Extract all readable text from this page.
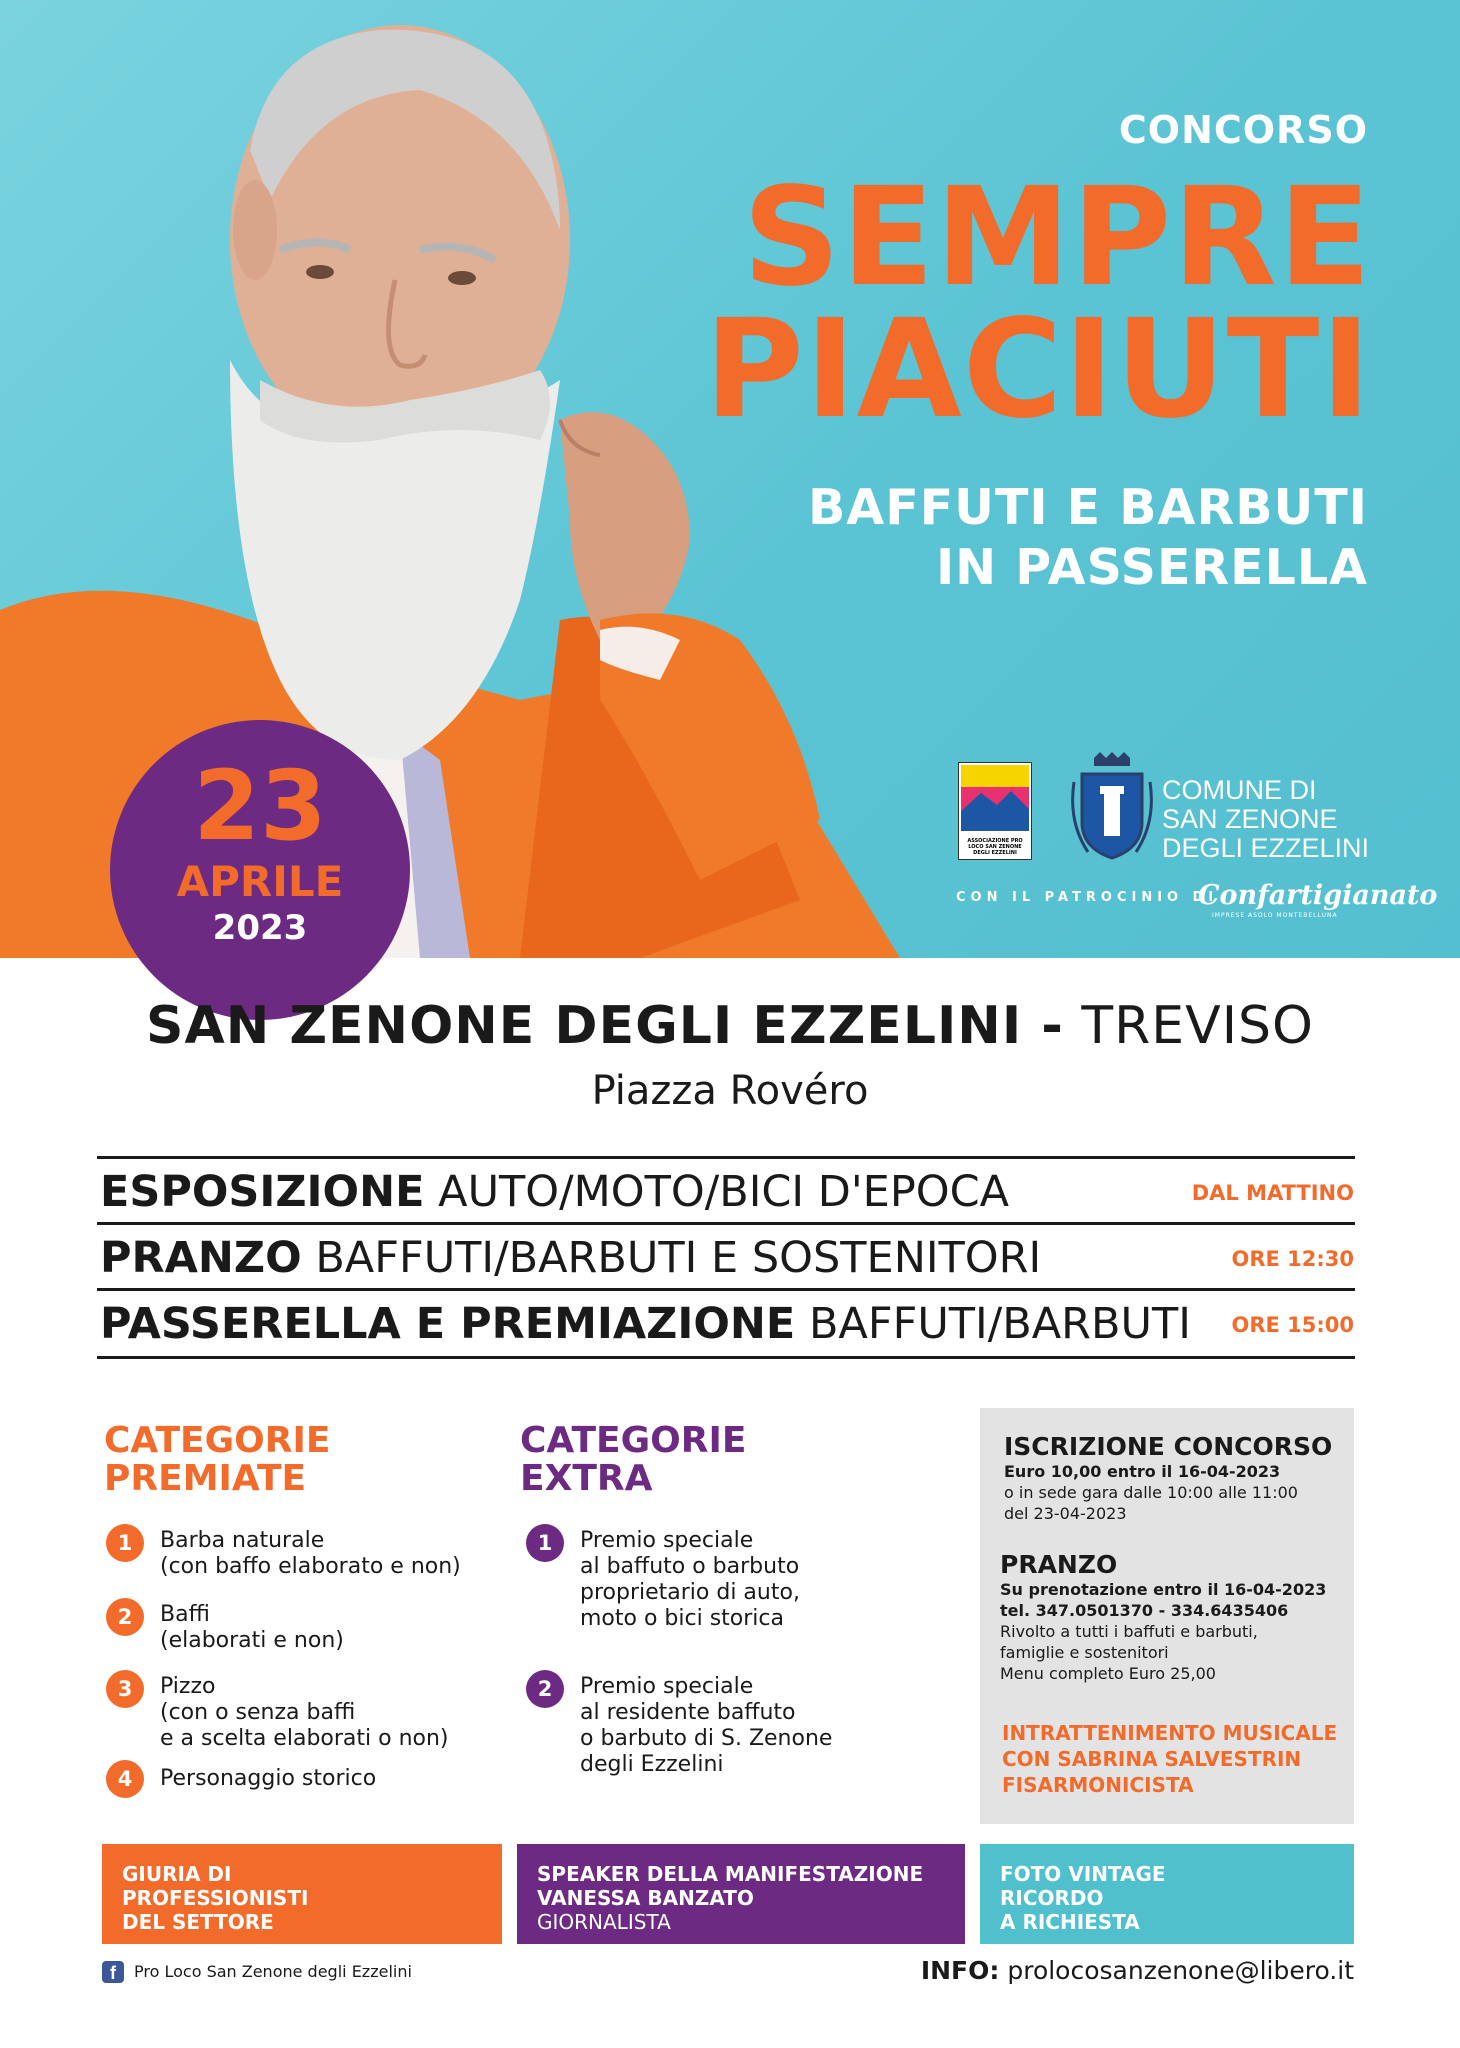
CONCORSO
SEMPRE
PIACIUTI
BAFFUTI E BARBUTI
IN PASSERELLA
ASSOCIAZIONE PRO LOCO SAN ZENONE DEGLI EZZELINI
COMUNE DI
SAN ZENONE
DEGLI EZZELINI
CON IL PATROCINIO DI
Confartigianato
IMPRESE ASOLO MONTEBELLUNA
23
APRILE
2023
SAN ZENONE DEGLI EZZELINI - TREVISO
Piazza Rovéro
ESPOSIZIONE AUTO/MOTO/BICI D'EPOCA	DAL MATTINO
PRANZO BAFFUTI/BARBUTI E SOSTENITORI	ORE 12:30
PASSERELLA E PREMIAZIONE BAFFUTI/BARBUTI ORE 15:00
CATEGORIE
PREMIATE
1	Barba naturale
(con baffo elaborato e non)
2	Baffi
(elaborati e non)
3	Pizzo
(con o senza baffi
e a scelta elaborati o non)
4	Personaggio storico
CATEGORIE
EXTRA
1	Premio speciale
al baffuto o barbuto
proprietario di auto,
moto o bici storica
2	Premio speciale
al residente baffuto
o barbuto di S. Zenone
degli Ezzelini
ISCRIZIONE CONCORSO
Euro 10,00 entro il 16-04-2023
o in sede gara dalle 10:00 alle 11:00
del 23-04-2023
PRANZO
Su prenotazione entro il 16-04-2023
tel. 347.0501370 - 334.6435406
Rivolto a tutti i baffuti e barbuti,
famiglie e sostenitori
Menu completo Euro 25,00
INTRATTENIMENTO MUSICALE
CON SABRINA SALVESTRIN
FISARMONICISTA
GIURIA DI
PROFESSIONISTI
DEL SETTORE
SPEAKER DELLA MANIFESTAZIONE
VANESSA BANZATO
GIORNALISTA
FOTO VINTAGE
RICORDO
A RICHIESTA
f	Pro Loco San Zenone degli Ezzelini	INFO: prolocosanzenone@libero.it
